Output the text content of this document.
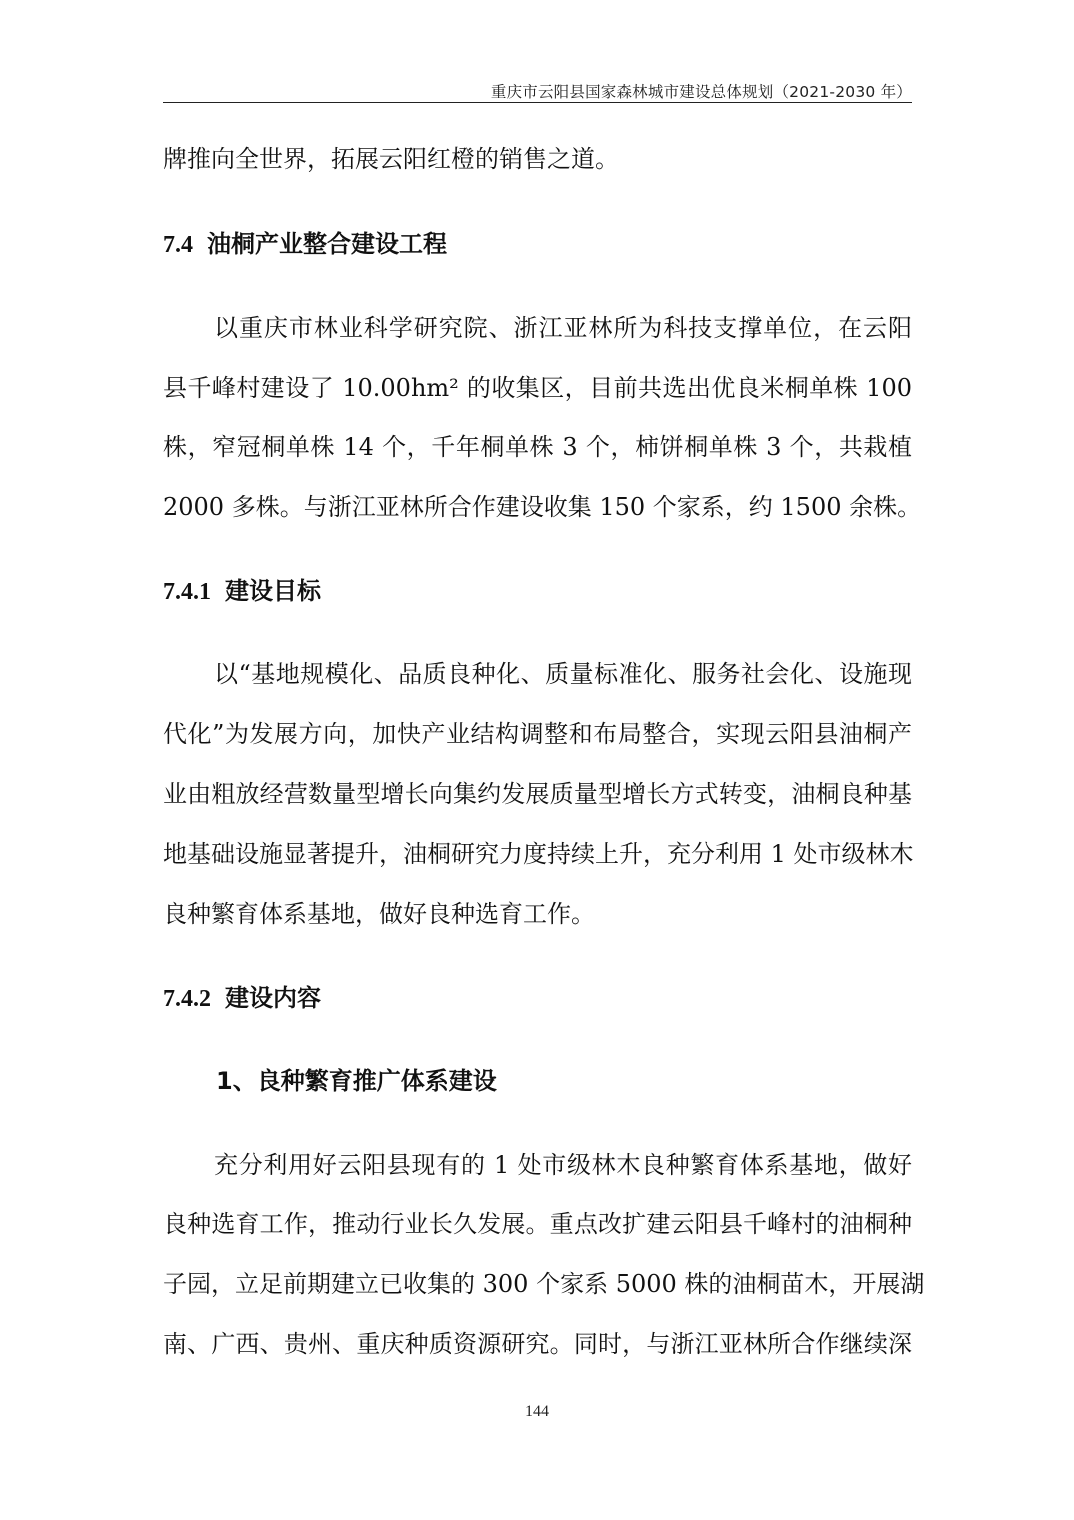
重庆市云阳县国家森林城市建设总体规划（2021-2030 年）
牌推向全世界，拓展云阳红橙的销售之道。
7.4 油桐产业整合建设工程
以重庆市林业科学研究院、浙江亚林所为科技支撑单位，在云阳
县千峰村建设了 10.00hm² 的收集区，目前共选出优良米桐单株 100
株，窄冠桐单株 14 个，千年桐单株 3 个，柿饼桐单株 3 个，共栽植
2000 多株。与浙江亚林所合作建设收集 150 个家系，约 1500 余株。
7.4.1 建设目标
以“基地规模化、品质良种化、质量标准化、服务社会化、设施现
代化”为发展方向，加快产业结构调整和布局整合，实现云阳县油桐产
业由粗放经营数量型增长向集约发展质量型增长方式转变，油桐良种基
地基础设施显著提升，油桐研究力度持续上升，充分利用 1 处市级林木
良种繁育体系基地，做好良种选育工作。
7.4.2 建设内容
1、良种繁育推广体系建设
充分利用好云阳县现有的 1 处市级林木良种繁育体系基地，做好
良种选育工作，推动行业长久发展。重点改扩建云阳县千峰村的油桐种
子园，立足前期建立已收集的 300 个家系 5000 株的油桐苗木，开展湖
南、广西、贵州、重庆种质资源研究。同时，与浙江亚林所合作继续深
144
